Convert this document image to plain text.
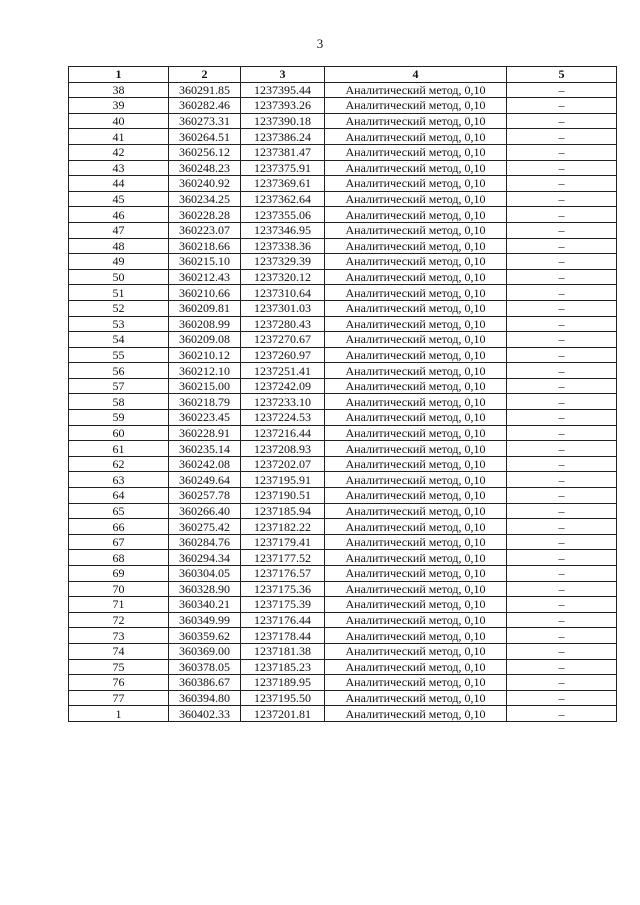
3
1	2	3	4	5
38	360291.85	1237395.44	Аналитический метод, 0,10	–
39	360282.46	1237393.26	Аналитический метод, 0,10	–
40	360273.31	1237390.18	Аналитический метод, 0,10	–
41	360264.51	1237386.24	Аналитический метод, 0,10	–
42	360256.12	1237381.47	Аналитический метод, 0,10	–
43	360248.23	1237375.91	Аналитический метод, 0,10	–
44	360240.92	1237369.61	Аналитический метод, 0,10	–
45	360234.25	1237362.64	Аналитический метод, 0,10	–
46	360228.28	1237355.06	Аналитический метод, 0,10	–
47	360223.07	1237346.95	Аналитический метод, 0,10	–
48	360218.66	1237338.36	Аналитический метод, 0,10	–
49	360215.10	1237329.39	Аналитический метод, 0,10	–
50	360212.43	1237320.12	Аналитический метод, 0,10	–
51	360210.66	1237310.64	Аналитический метод, 0,10	–
52	360209.81	1237301.03	Аналитический метод, 0,10	–
53	360208.99	1237280.43	Аналитический метод, 0,10	–
54	360209.08	1237270.67	Аналитический метод, 0,10	–
55	360210.12	1237260.97	Аналитический метод, 0,10	–
56	360212.10	1237251.41	Аналитический метод, 0,10	–
57	360215.00	1237242.09	Аналитический метод, 0,10	–
58	360218.79	1237233.10	Аналитический метод, 0,10	–
59	360223.45	1237224.53	Аналитический метод, 0,10	–
60	360228.91	1237216.44	Аналитический метод, 0,10	–
61	360235.14	1237208.93	Аналитический метод, 0,10	–
62	360242.08	1237202.07	Аналитический метод, 0,10	–
63	360249.64	1237195.91	Аналитический метод, 0,10	–
64	360257.78	1237190.51	Аналитический метод, 0,10	–
65	360266.40	1237185.94	Аналитический метод, 0,10	–
66	360275.42	1237182.22	Аналитический метод, 0,10	–
67	360284.76	1237179.41	Аналитический метод, 0,10	–
68	360294.34	1237177.52	Аналитический метод, 0,10	–
69	360304.05	1237176.57	Аналитический метод, 0,10	–
70	360328.90	1237175.36	Аналитический метод, 0,10	–
71	360340.21	1237175.39	Аналитический метод, 0,10	–
72	360349.99	1237176.44	Аналитический метод, 0,10	–
73	360359.62	1237178.44	Аналитический метод, 0,10	–
74	360369.00	1237181.38	Аналитический метод, 0,10	–
75	360378.05	1237185.23	Аналитический метод, 0,10	–
76	360386.67	1237189.95	Аналитический метод, 0,10	–
77	360394.80	1237195.50	Аналитический метод, 0,10	–
1	360402.33	1237201.81	Аналитический метод, 0,10	–
